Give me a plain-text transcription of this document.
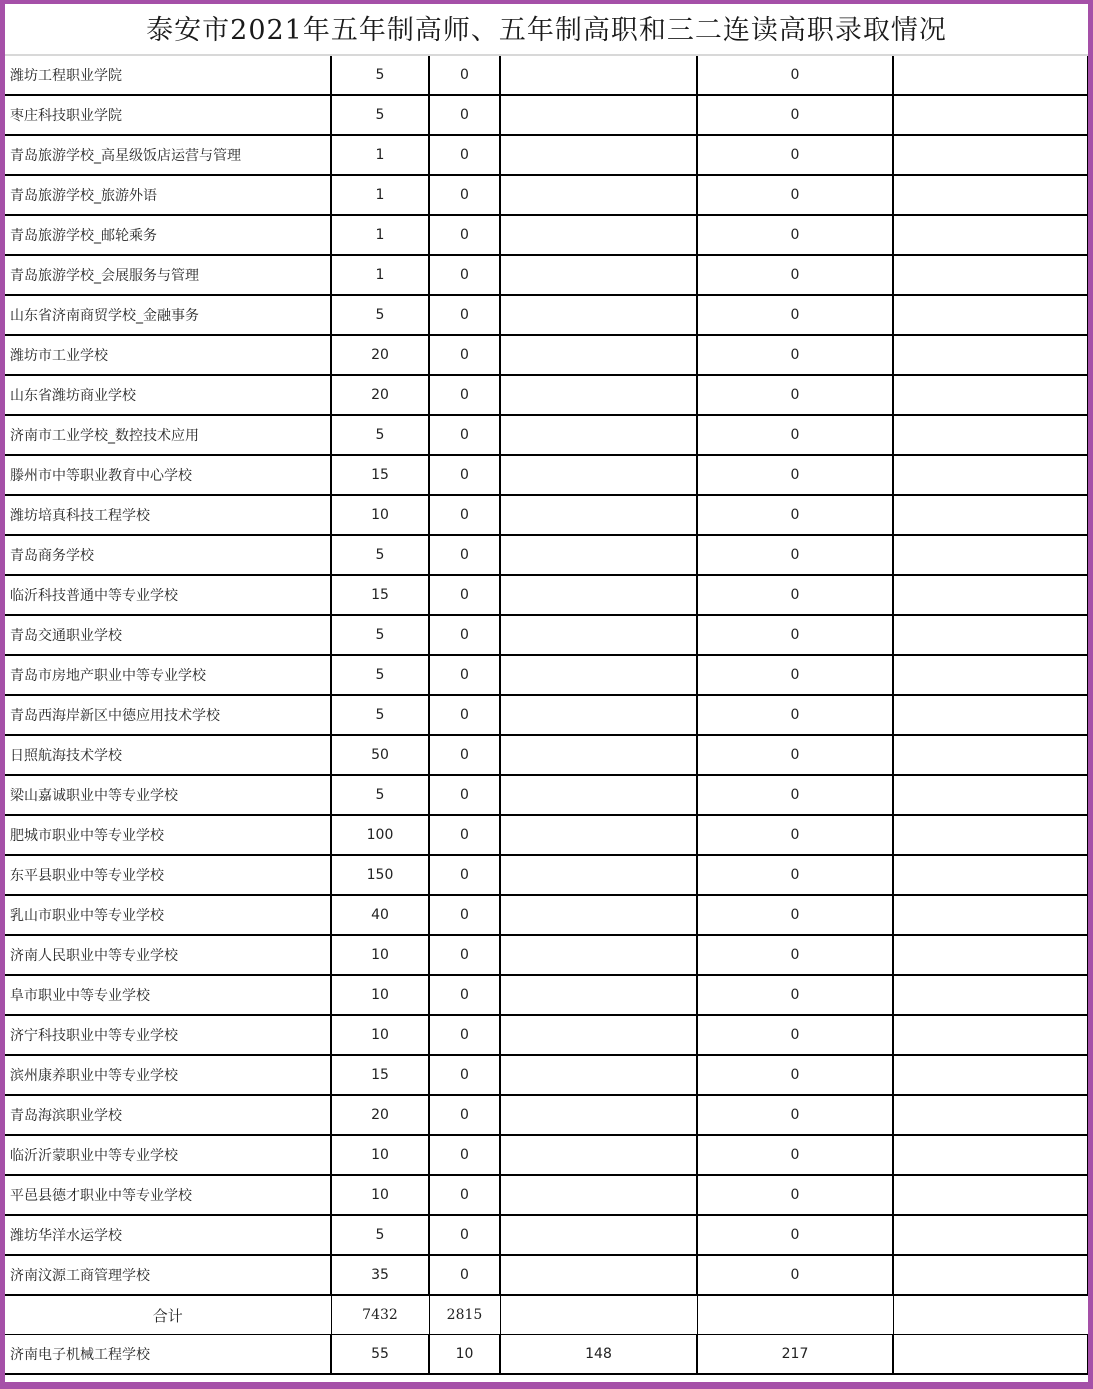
泰安市2021年五年制高师、五年制高职和三二连读高职录取情况
潍坊工程职业学院	5	0		0	
枣庄科技职业学院	5	0		0	
青岛旅游学校_高星级饭店运营与管理	1	0		0	
青岛旅游学校_旅游外语	1	0		0	
青岛旅游学校_邮轮乘务	1	0		0	
青岛旅游学校_会展服务与管理	1	0		0	
山东省济南商贸学校_金融事务	5	0		0	
潍坊市工业学校	20	0		0	
山东省潍坊商业学校	20	0		0	
济南市工业学校_数控技术应用	5	0		0	
滕州市中等职业教育中心学校	15	0		0	
潍坊培真科技工程学校	10	0		0	
青岛商务学校	5	0		0	
临沂科技普通中等专业学校	15	0		0	
青岛交通职业学校	5	0		0	
青岛市房地产职业中等专业学校	5	0		0	
青岛西海岸新区中德应用技术学校	5	0		0	
日照航海技术学校	50	0		0	
梁山嘉诚职业中等专业学校	5	0		0	
肥城市职业中等专业学校	100	0		0	
东平县职业中等专业学校	150	0		0	
乳山市职业中等专业学校	40	0		0	
济南人民职业中等专业学校	10	0		0	
阜市职业中等专业学校	10	0		0	
济宁科技职业中等专业学校	10	0		0	
滨州康养职业中等专业学校	15	0		0	
青岛海滨职业学校	20	0		0	
临沂沂蒙职业中等专业学校	10	0		0	
平邑县德才职业中等专业学校	10	0		0	
潍坊华洋水运学校	5	0		0	
济南汶源工商管理学校	35	0		0	
合计	7432	2815			
济南电子机械工程学校	55	10	148	217	
